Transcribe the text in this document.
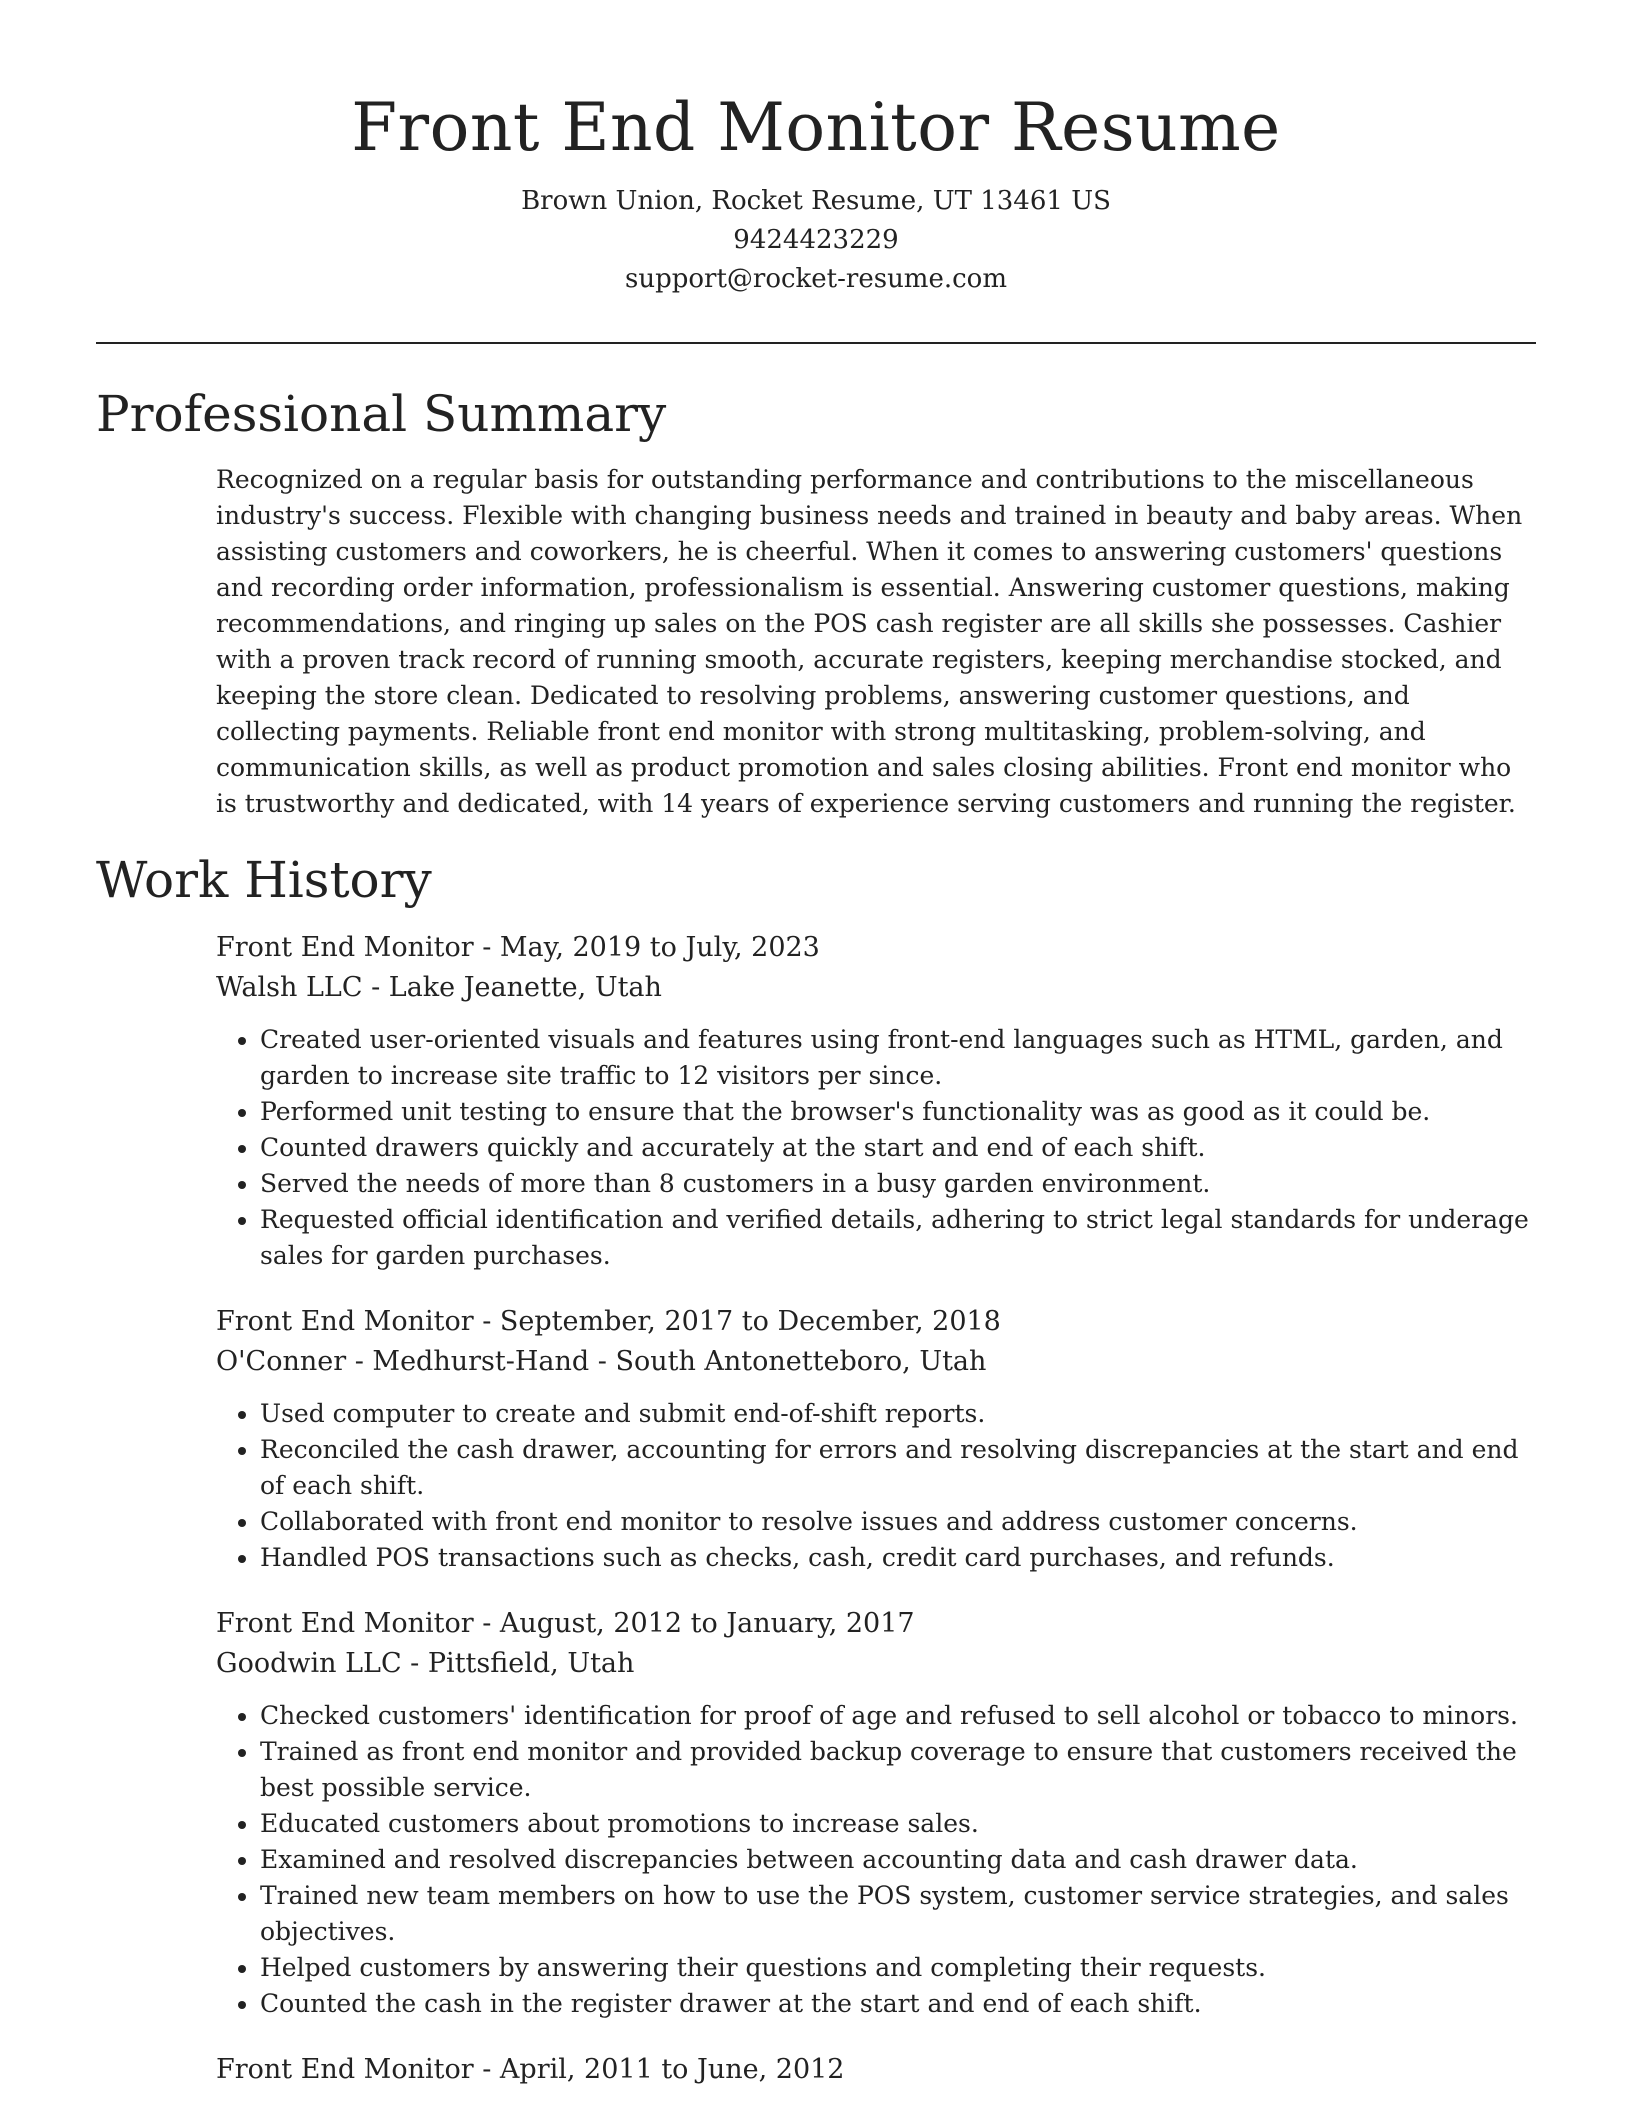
Front End Monitor Resume
Brown Union, Rocket Resume, UT 13461 US
9424423229
support@rocket-resume.com
Professional Summary

Recognized on a regular basis for outstanding performance and contributions to the miscellaneous industry's success. Flexible with changing business needs and trained in beauty and baby areas. When assisting customers and coworkers, he is cheerful. When it comes to answering customers' questions and recording order information, professionalism is essential. Answering customer questions, making recommendations, and ringing up sales on the POS cash register are all skills she possesses. Cashier with a proven track record of running smooth, accurate registers, keeping merchandise stocked, and keeping the store clean. Dedicated to resolving problems, answering customer questions, and collecting payments. Reliable front end monitor with strong multitasking, problem-solving, and communication skills, as well as product promotion and sales closing abilities. Front end monitor who is trustworthy and dedicated, with 14 years of experience serving customers and running the register.

Work History
Front End Monitor - May, 2019 to July, 2023
Walsh LLC - Lake Jeanette, Utah
• Created user-oriented visuals and features using front-end languages such as HTML, garden, and garden to increase site traffic to 12 visitors per since.
• Performed unit testing to ensure that the browser's functionality was as good as it could be.
• Counted drawers quickly and accurately at the start and end of each shift.
• Served the needs of more than 8 customers in a busy garden environment.
• Requested official identification and verified details, adhering to strict legal standards for underage sales for garden purchases.
Front End Monitor - September, 2017 to December, 2018
O'Conner - Medhurst-Hand - South Antonetteboro, Utah
• Used computer to create and submit end-of-shift reports.
• Reconciled the cash drawer, accounting for errors and resolving discrepancies at the start and end of each shift.
• Collaborated with front end monitor to resolve issues and address customer concerns.
• Handled POS transactions such as checks, cash, credit card purchases, and refunds.
Front End Monitor - August, 2012 to January, 2017
Goodwin LLC - Pittsfield, Utah
• Checked customers' identification for proof of age and refused to sell alcohol or tobacco to minors.
• Trained as front end monitor and provided backup coverage to ensure that customers received the best possible service.
• Educated customers about promotions to increase sales.
• Examined and resolved discrepancies between accounting data and cash drawer data.
• Trained new team members on how to use the POS system, customer service strategies, and sales objectives.
• Helped customers by answering their questions and completing their requests.
• Counted the cash in the register drawer at the start and end of each shift.
Front End Monitor - April, 2011 to June, 2012
